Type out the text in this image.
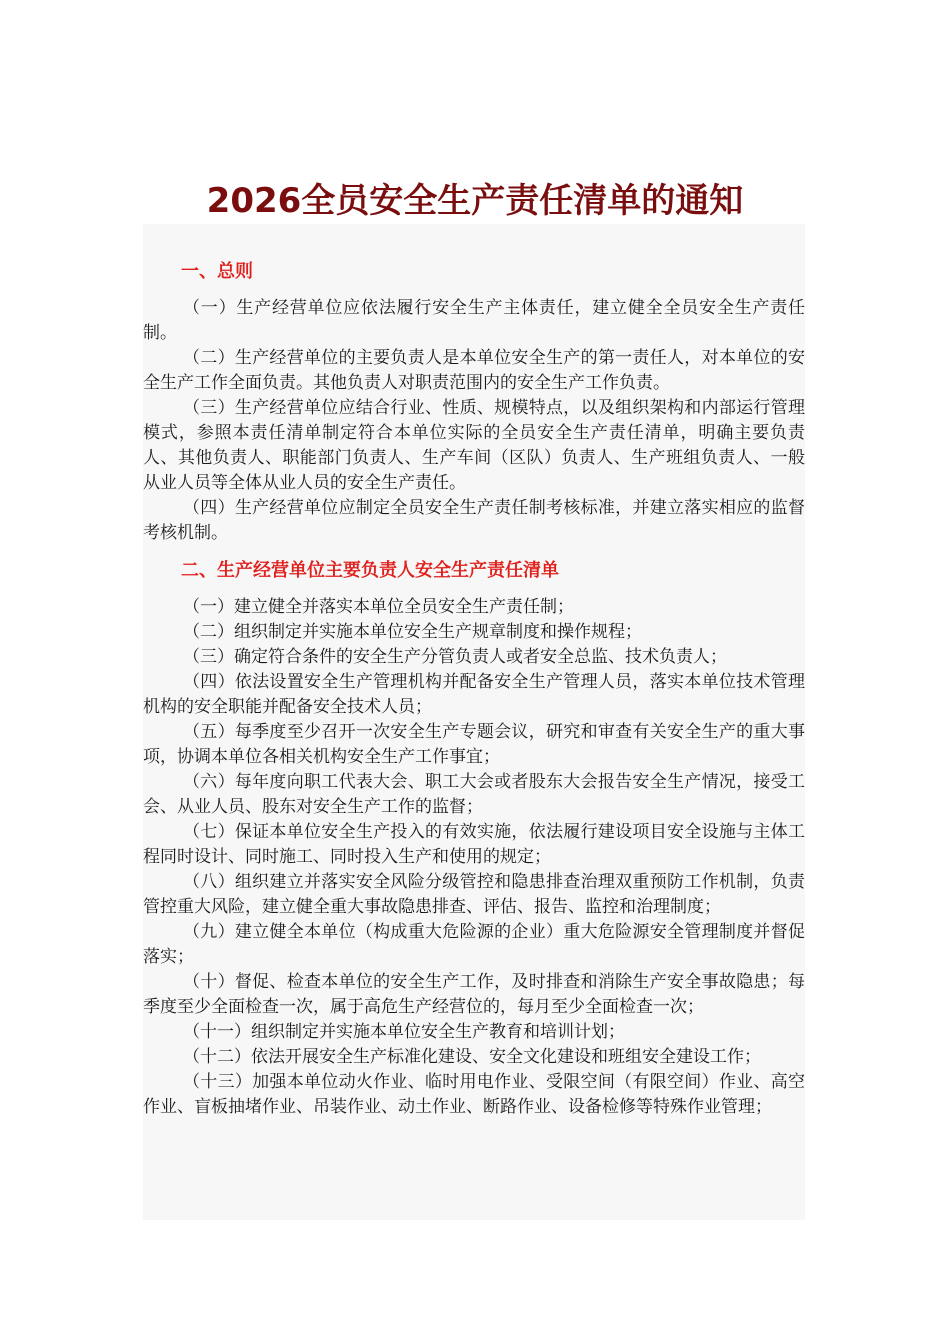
2026全员安全生产责任清单的通知
一、总则

（一）生产经营单位应依法履行安全生产主体责任，建立健全全员安全生产责任制。

（二）生产经营单位的主要负责人是本单位安全生产的第一责任人，对本单位的安全生产工作全面负责。其他负责人对职责范围内的安全生产工作负责。

（三）生产经营单位应结合行业、性质、规模特点，以及组织架构和内部运行管理模式，参照本责任清单制定符合本单位实际的全员安全生产责任清单，明确主要负责人、其他负责人、职能部门负责人、生产车间（区队）负责人、生产班组负责人、一般从业人员等全体从业人员的安全生产责任。

（四）生产经营单位应制定全员安全生产责任制考核标准，并建立落实相应的监督考核机制。

二、生产经营单位主要负责人安全生产责任清单

（一）建立健全并落实本单位全员安全生产责任制；

（二）组织制定并实施本单位安全生产规章制度和操作规程；

（三）确定符合条件的安全生产分管负责人或者安全总监、技术负责人；

（四）依法设置安全生产管理机构并配备安全生产管理人员，落实本单位技术管理机构的安全职能并配备安全技术人员；

（五）每季度至少召开一次安全生产专题会议，研究和审查有关安全生产的重大事项，协调本单位各相关机构安全生产工作事宜；

（六）每年度向职工代表大会、职工大会或者股东大会报告安全生产情况，接受工会、从业人员、股东对安全生产工作的监督；

（七）保证本单位安全生产投入的有效实施，依法履行建设项目安全设施与主体工程同时设计、同时施工、同时投入生产和使用的规定；

（八）组织建立并落实安全风险分级管控和隐患排查治理双重预防工作机制，负责管控重大风险，建立健全重大事故隐患排查、评估、报告、监控和治理制度；

（九）建立健全本单位（构成重大危险源的企业）重大危险源安全管理制度并督促落实；

（十）督促、检查本单位的安全生产工作，及时排查和消除生产安全事故隐患；每季度至少全面检查一次，属于高危生产经营位的，每月至少全面检查一次；

（十一）组织制定并实施本单位安全生产教育和培训计划；

（十二）依法开展安全生产标准化建设、安全文化建设和班组安全建设工作；

（十三）加强本单位动火作业、临时用电作业、受限空间（有限空间）作业、高空作业、盲板抽堵作业、吊装作业、动土作业、断路作业、设备检修等特殊作业管理；
